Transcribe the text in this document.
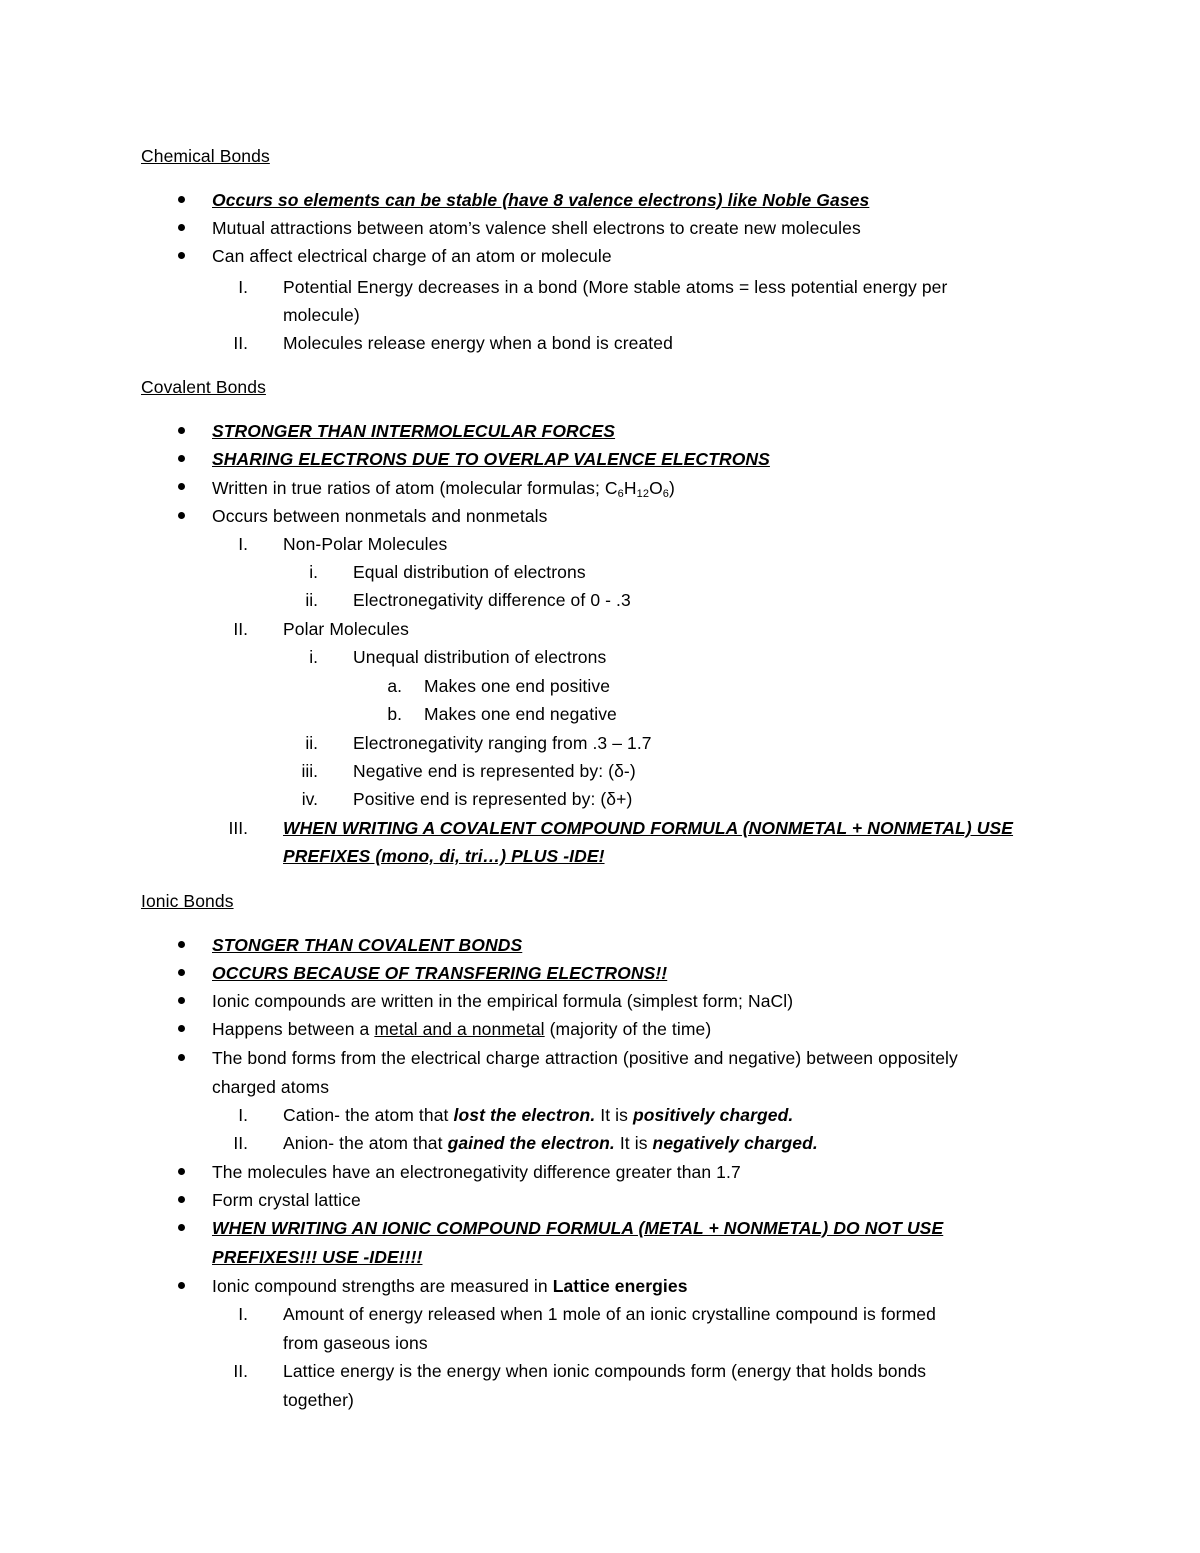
Chemical Bonds
Occurs so elements can be stable (have 8 valence electrons) like Noble Gases
Mutual attractions between atom’s valence shell electrons to create new molecules
Can affect electrical charge of an atom or molecule
I. Potential Energy decreases in a bond (More stable atoms = less potential energy per
molecule)
II. Molecules release energy when a bond is created
Covalent Bonds
STRONGER THAN INTERMOLECULAR FORCES
SHARING ELECTRONS DUE TO OVERLAP VALENCE ELECTRONS
Written in true ratios of atom (molecular formulas; $C_6H_{12}O_6$)
Occurs between nonmetals and nonmetals
I. Non-Polar Molecules
i. Equal distribution of electrons
ii. Electronegativity difference of 0 - .3
II. Polar Molecules
i. Unequal distribution of electrons
a. Makes one end positive
b. Makes one end negative
ii. Electronegativity ranging from .3 – 1.7
iii. Negative end is represented by: (δ-)
iv. Positive end is represented by: (δ+)
III. WHEN WRITING A COVALENT COMPOUND FORMULA (NONMETAL + NONMETAL) USE
PREFIXES (mono, di, tri…) PLUS -IDE!
Ionic Bonds
STONGER THAN COVALENT BONDS
OCCURS BECAUSE OF TRANSFERING ELECTRONS!!
Ionic compounds are written in the empirical formula (simplest form; NaCl)
Happens between a metal and a nonmetal (majority of the time)
The bond forms from the electrical charge attraction (positive and negative) between oppositely
charged atoms
I. Cation- the atom that lost the electron. It is positively charged.
II. Anion- the atom that gained the electron. It is negatively charged.
The molecules have an electronegativity difference greater than 1.7
Form crystal lattice
WHEN WRITING AN IONIC COMPOUND FORMULA (METAL + NONMETAL) DO NOT USE
PREFIXES!!! USE -IDE!!!!
Ionic compound strengths are measured in Lattice energies
I. Amount of energy released when 1 mole of an ionic crystalline compound is formed
from gaseous ions
II. Lattice energy is the energy when ionic compounds form (energy that holds bonds
together)
